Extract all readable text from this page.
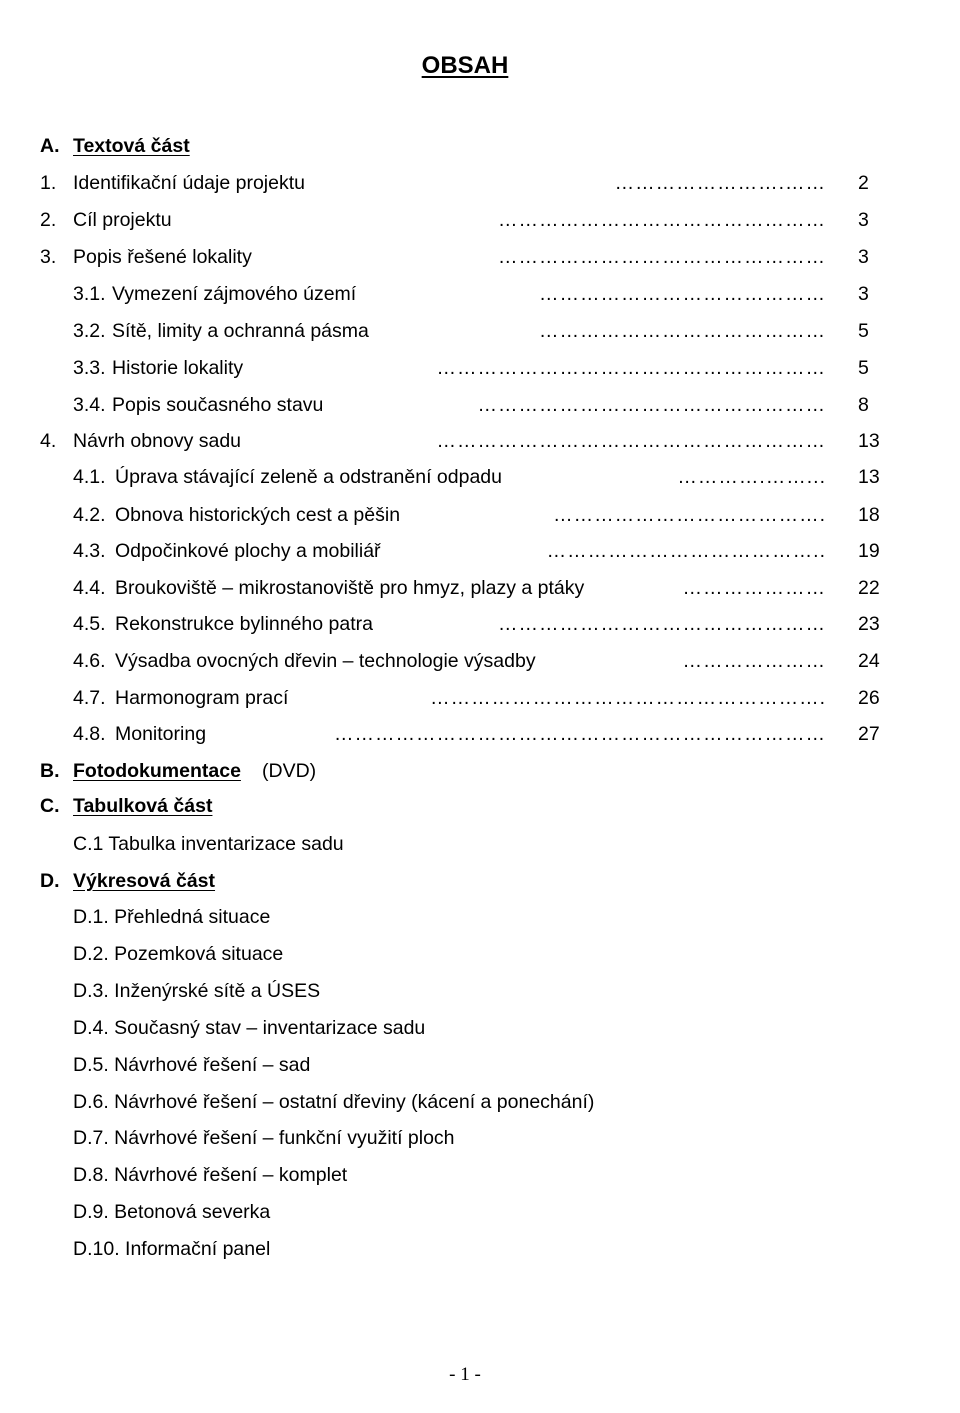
OBSAH
A. Textová část
1. Identifikační údaje projektu	…………………….…… 2
2. Cíl projektu	………………………………………… 3
3. Popis řešené lokality	………………………………………… 3
3.1. Vymezení zájmového území	…………………………………… 3
3.2. Sítě, limity a ochranná pásma	…………………………………… 5
3.3. Historie lokality	………………………………………………… 5
3.4. Popis současného stavu	…………………………………………… 8
4. Návrh obnovy sadu	………………………………………………… 13
4.1. Úprava stávající zeleně a odstranění odpadu	………….……... 13
4.2. Obnova historických cest a pěšin	…………………………………. 18
4.3. Odpočinkové plochy a mobiliář	………………………………….. 19
4.4. Broukoviště – mikrostanoviště pro hmyz, plazy a ptáky	………………… 22
4.5. Rekonstrukce bylinného patra	………………………………………… 23
4.6. Výsadba ovocných dřevin – technologie výsadby	………………… 24
4.7. Harmonogram prací	…………………………………………………. 26
4.8. Monitoring	……………………………………………………………… 27
B. Fotodokumentace (DVD)
C. Tabulková část
C.1 Tabulka inventarizace sadu
D. Výkresová část
D.1. Přehledná situace
D.2. Pozemková situace
D.3. Inženýrské sítě a ÚSES
D.4. Současný stav – inventarizace sadu
D.5. Návrhové řešení – sad
D.6. Návrhové řešení – ostatní dřeviny (kácení a ponechání)
D.7. Návrhové řešení – funkční využití ploch
D.8. Návrhové řešení – komplet
D.9. Betonová severka
D.10. Informační panel
- 1 -
